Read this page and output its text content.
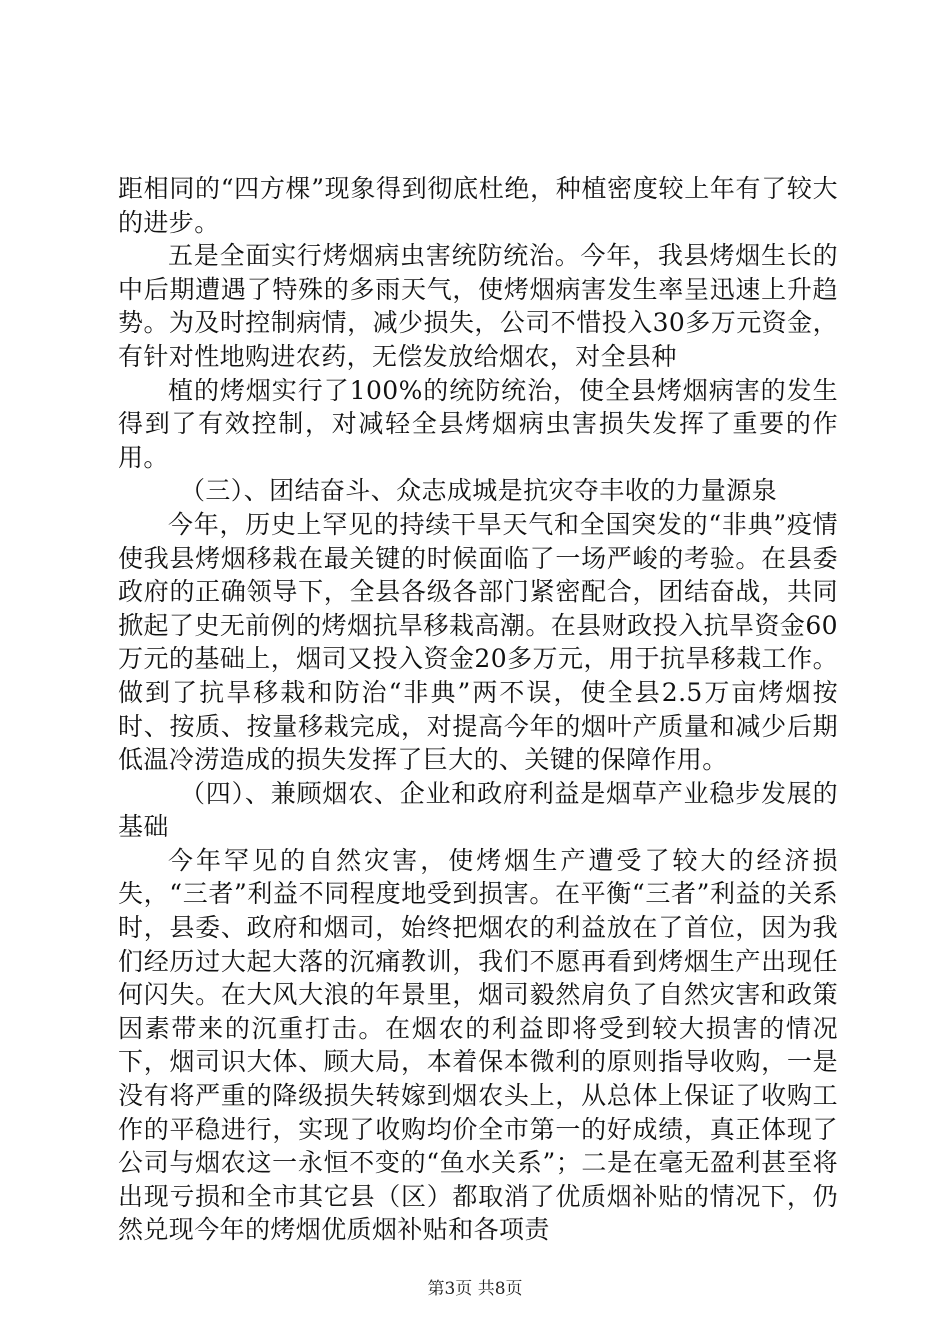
距相同的“四方棵”现象得到彻底杜绝，种植密度较上年有了较大的进步。

五是全面实行烤烟病虫害统防统治。今年，我县烤烟生长的中后期遭遇了特殊的多雨天气，使烤烟病害发生率呈迅速上升趋势。为及时控制病情，减少损失，公司不惜投入30多万元资金，有针对性地购进农药，无偿发放给烟农，对全县种

植的烤烟实行了100%的统防统治，使全县烤烟病害的发生得到了有效控制，对减轻全县烤烟病虫害损失发挥了重要的作用。

（三）、团结奋斗、众志成城是抗灾夺丰收的力量源泉

今年，历史上罕见的持续干旱天气和全国突发的“非典”疫情使我县烤烟移栽在最关键的时候面临了一场严峻的考验。在县委政府的正确领导下，全县各级各部门紧密配合，团结奋战，共同掀起了史无前例的烤烟抗旱移栽高潮。在县财政投入抗旱资金60万元的基础上，烟司又投入资金20多万元，用于抗旱移栽工作。做到了抗旱移栽和防治“非典”两不误，使全县2.5万亩烤烟按时、按质、按量移栽完成，对提高今年的烟叶产质量和减少后期低温冷涝造成的损失发挥了巨大的、关键的保障作用。

（四）、兼顾烟农、企业和政府利益是烟草产业稳步发展的基础

今年罕见的自然灾害，使烤烟生产遭受了较大的经济损失，“三者”利益不同程度地受到损害。在平衡“三者”利益的关系时，县委、政府和烟司，始终把烟农的利益放在了首位，因为我们经历过大起大落的沉痛教训，我们不愿再看到烤烟生产出现任何闪失。在大风大浪的年景里，烟司毅然肩负了自然灾害和政策因素带来的沉重打击。在烟农的利益即将受到较大损害的情况下，烟司识大体、顾大局，本着保本微利的原则指导收购，一是没有将严重的降级损失转嫁到烟农头上，从总体上保证了收购工作的平稳进行，实现了收购均价全市第一的好成绩，真正体现了公司与烟农这一永恒不变的“鱼水关系”；二是在毫无盈利甚至将出现亏损和全市其它县（区）都取消了优质烟补贴的情况下，仍然兑现今年的烤烟优质烟补贴和各项责

第3页 共8页
